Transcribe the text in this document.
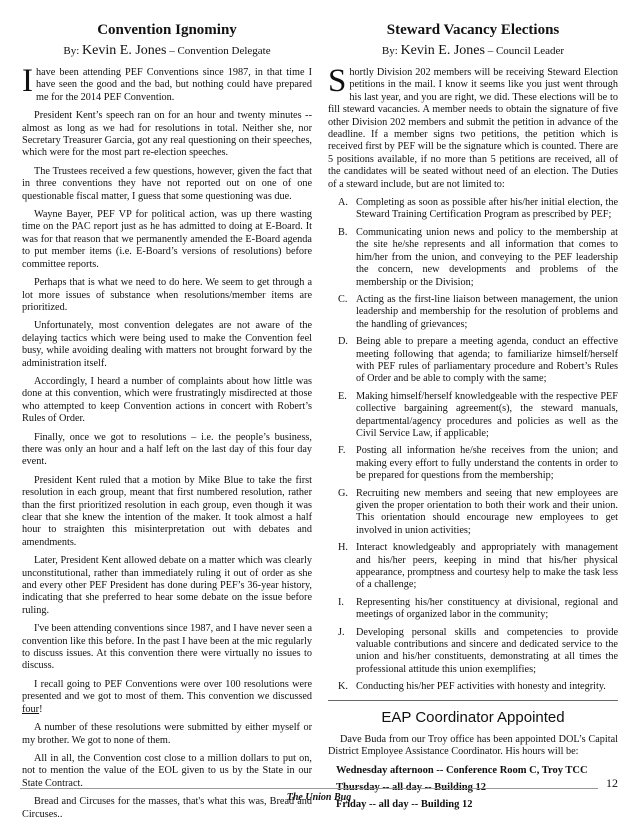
Convention Ignominy
By: Kevin E. Jones – Convention Delegate

I have been attending PEF Conventions since 1987, in that time I have seen the good and the bad, but nothing could have prepared me for the 2014 PEF Convention.

President Kent’s speech ran on for an hour and twenty minutes -- almost as long as we had for resolutions in total. Neither she, nor Secretary Treasurer Garcia, got any real questioning on their speeches, which were for the most part re-election speeches.

The Trustees received a few questions, however, given the fact that in three conventions they have not reported out on one of one questionable fiscal matter, I guess that some questioning was due.

Wayne Bayer, PEF VP for political action, was up there wasting time on the PAC report just as he has admitted to doing at E-Board. It was for that reason that we permanently amended the E-Board agenda to put member items (i.e. E-Board’s versions of resolutions) before committee reports.

Perhaps that is what we need to do here. We seem to get through a lot more issues of substance when resolutions/member items are prioritized.

Unfortunately, most convention delegates are not aware of the delaying tactics which were being used to make the Convention feel busy, while avoiding dealing with matters not brought forward by the administration itself.

Accordingly, I heard a number of complaints about how little was done at this convention, which were frustratingly misdirected at those who attempted to keep Convention actions in concert with Robert’s Rules of Order.

Finally, once we got to resolutions – i.e. the people’s business, there was only an hour and a half left on the last day of this four day event.

President Kent ruled that a motion by Mike Blue to take the first resolution in each group, meant that first numbered resolution, rather than the first prioritized resolution in each group, even though it was clear that she knew the intention of the maker. It took almost a half hour to straighten this misinterpretation out with debates and amendments.

Later, President Kent allowed debate on a matter which was clearly unconstitutional, rather than immediately ruling it out of order as she and every other PEF President has done during PEF’s 36-year history, indicating that she preferred to hear some debate on the issue before ruling.

I've been attending conventions since 1987, and I have never seen a convention like this before. In the past I have been at the mic regularly to discuss issues. At this convention there were virtually no issues to discuss.

I recall going to PEF Conventions were over 100 resolutions were presented and we got to most of them. This convention we discussed four!

A number of these resolutions were submitted by either myself or my brother. We got to none of them.

All in all, the Convention cost close to a million dollars to put on, not to mention the value of the EOL given to us by the State in our State Contract.

Bread and Circuses for the masses, that's what this was, Bread and Circuses..

Steward Vacancy Elections
By: Kevin E. Jones – Council Leader

Shortly Division 202 members will be receiving Steward Election petitions in the mail. I know it seems like you just went through his last year, and you are right, we did. These elections will be to fill steward vacancies. A member needs to obtain the signature of five other Division 202 members and submit the petition in advance of the deadline. If a member signs two petitions, the petition which is received first by PEF will be the signature which is counted. There are 5 positions available, if no more than 5 petitions are received, all of the candidates will be seated without need of an election. The Duties of a steward include, but are not limited to:

A. Completing as soon as possible after his/her initial election, the Steward Training Certification Program as prescribed by PEF;
B. Communicating union news and policy to the membership at the site he/she represents and all information that comes to him/her from the union, and conveying to the PEF leadership the concern, new developments and problems of the membership or the Division;
C. Acting as the first-line liaison between management, the union leadership and membership for the resolution of problems and the handling of grievances;
D. Being able to prepare a meeting agenda, conduct an effective meeting following that agenda; to familiarize himself/herself with PEF rules of parliamentary procedure and Robert’s Rules of Order and be able to comply with the same;
E. Making himself/herself knowledgeable with the respective PEF collective bargaining agreement(s), the steward manuals, departmental/agency procedures and policies as well as the Civil Service Law, if applicable;
F. Posting all information he/she receives from the union; and making every effort to fully understand the contents in order to be prepared for questions from the membership;
G. Recruiting new members and seeing that new employees are given the proper orientation to both their work and their union. This orientation should encourage new employees to get involved in union activities;
H. Interact knowledgeably and appropriately with management and his/her peers, keeping in mind that his/her physical appearance, promptness and courtesy help to make the task less of a challenge;
I. Representing his/her constituency at divisional, regional and meetings of organized labor in the community;
J. Developing personal skills and competencies to provide valuable contributions and sincere and dedicated service to the union and his/her constituents, demonstrating at all times the professional attitude this union exemplifies;
K. Conducting his/her PEF activities with honesty and integrity.
EAP Coordinator Appointed

Dave Buda from our Troy office has been appointed DOL’s Capital District Employee Assistance Coordinator. His hours will be:

Wednesday afternoon -- Conference Room C, Troy TCC
Thursday -- all day -- Building 12
Friday -- all day -- Building 12
12
The Union Bug
